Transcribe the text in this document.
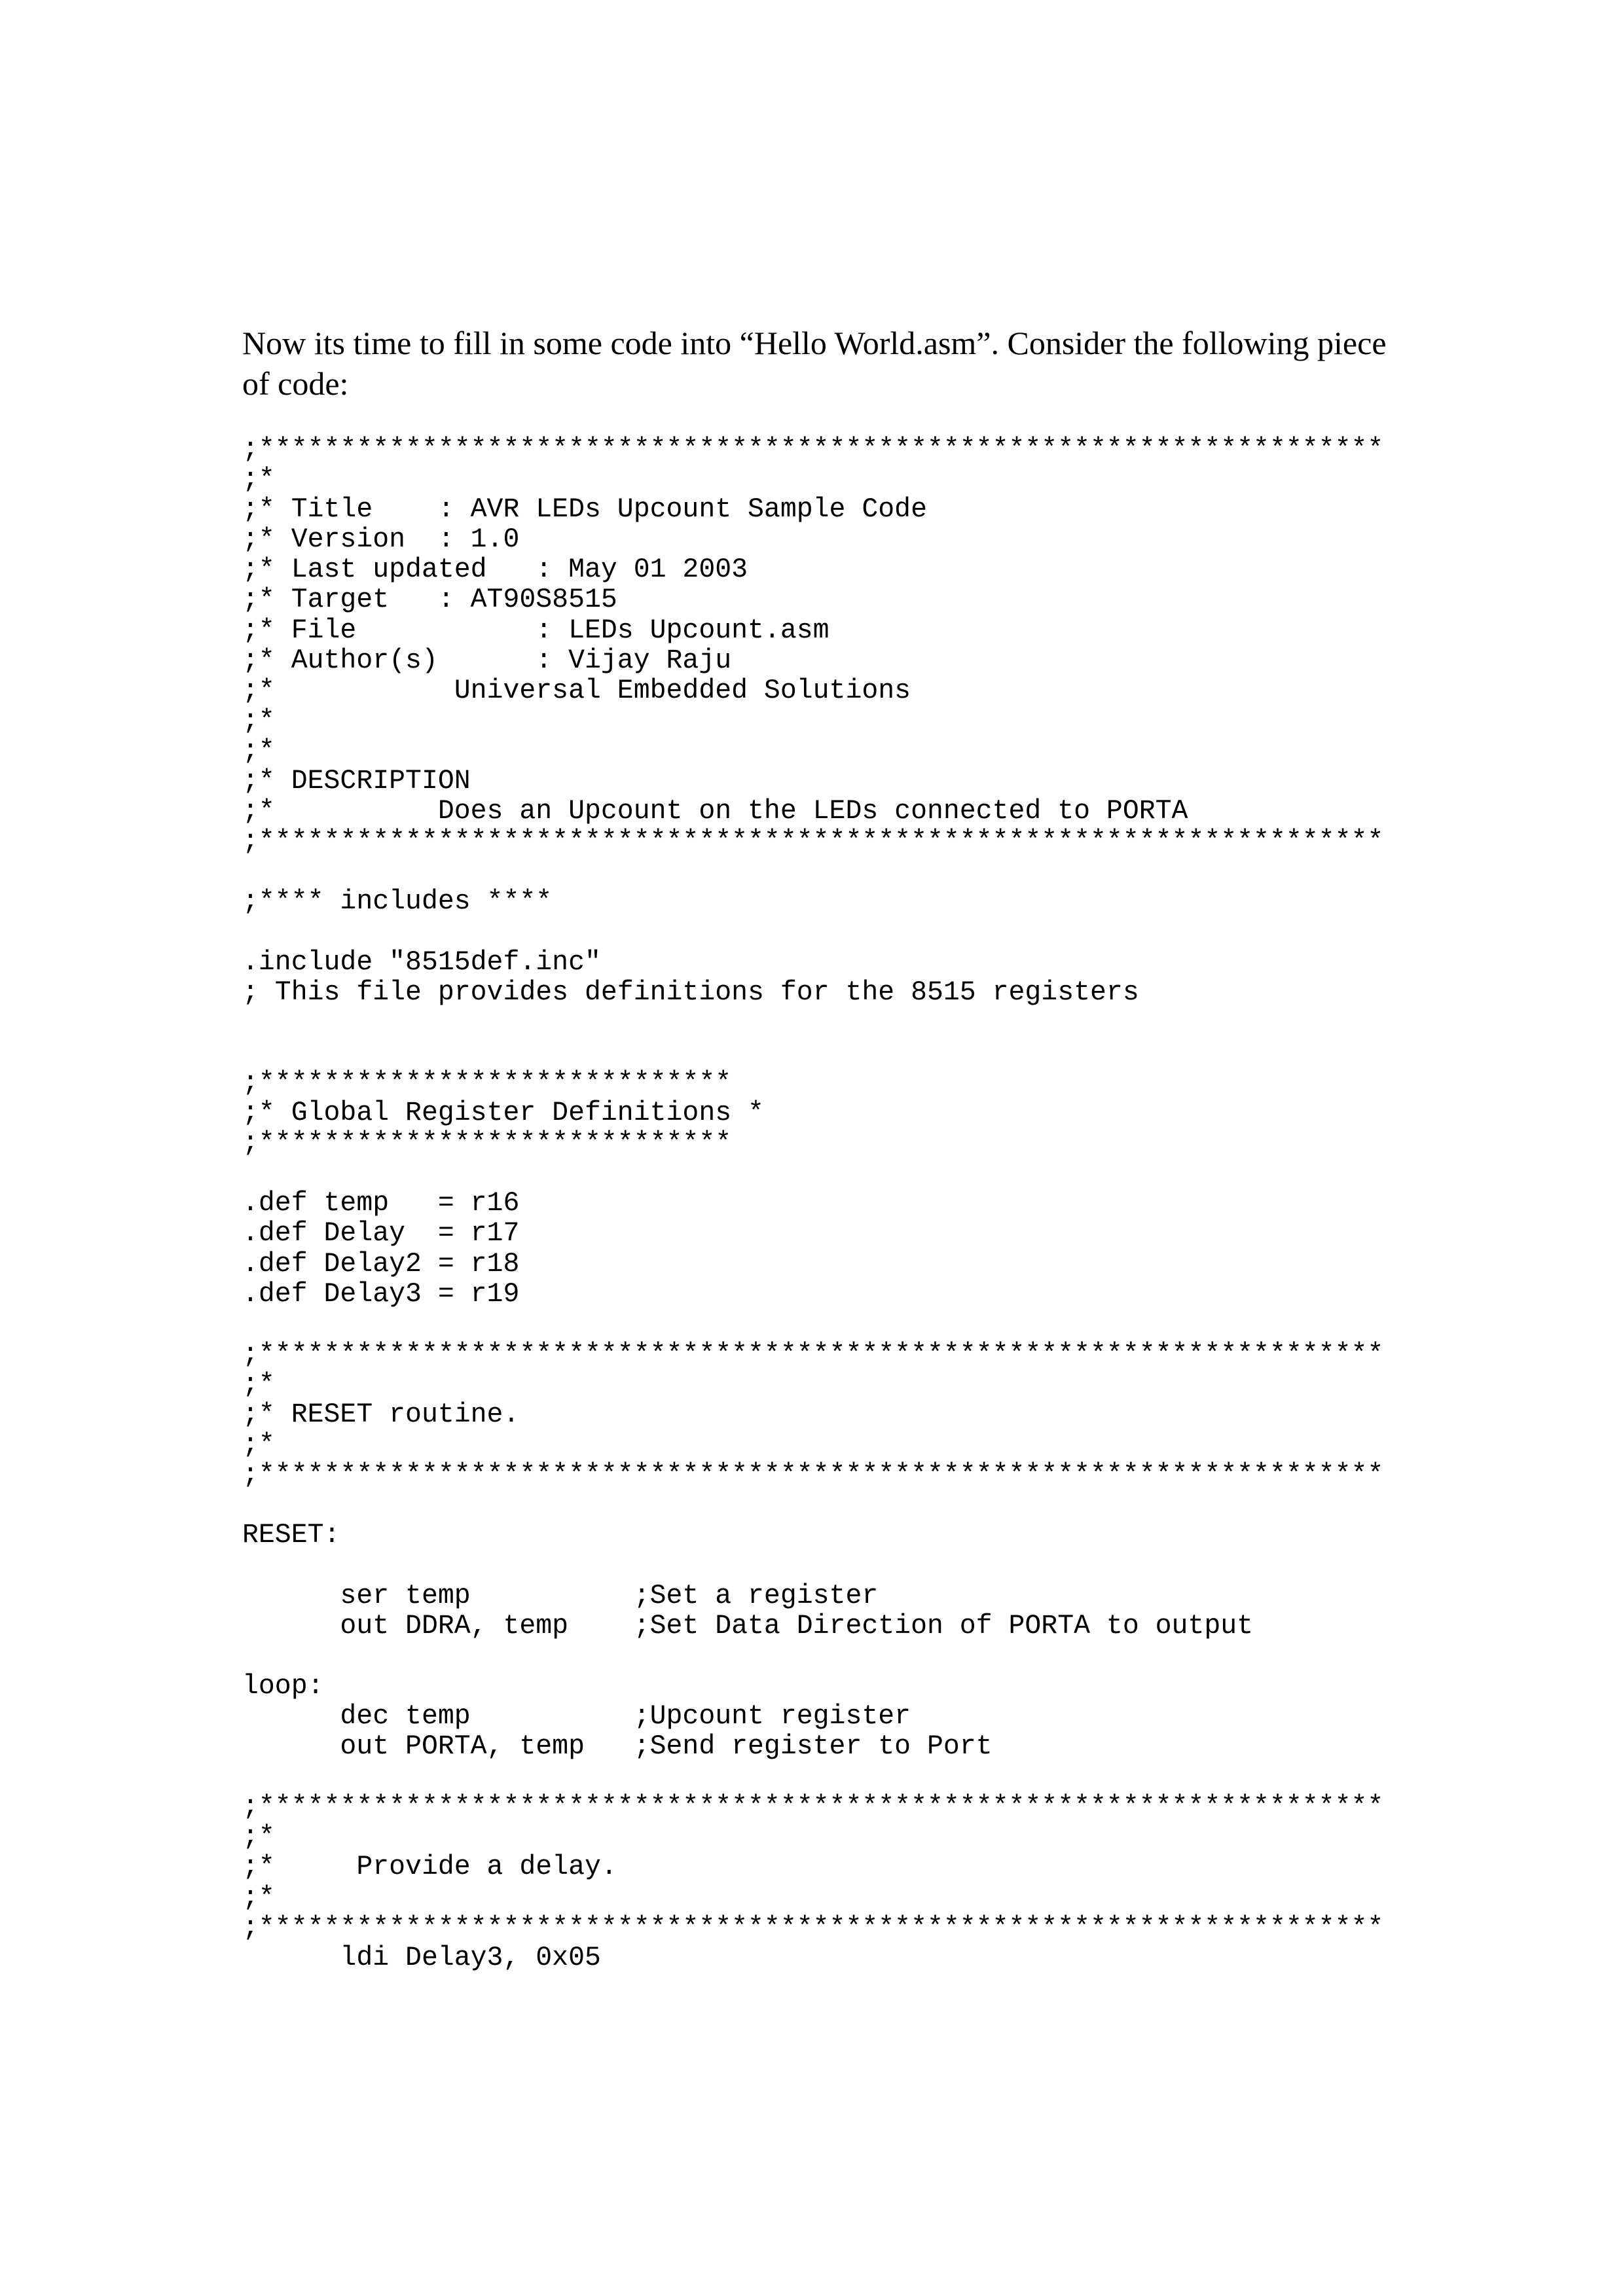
Now its time to fill in some code into “Hello World.asm”. Consider the following piece of code:

;*********************************************************************
;*
;* Title    : AVR LEDs Upcount Sample Code
;* Version  : 1.0
;* Last updated   : May 01 2003
;* Target   : AT90S8515
;* File           : LEDs Upcount.asm
;* Author(s)      : Vijay Raju
;*           Universal Embedded Solutions
;*
;*
;* DESCRIPTION
;*          Does an Upcount on the LEDs connected to PORTA
;*********************************************************************
;**** includes ****
.include "8515def.inc"
; This file provides definitions for the 8515 registers
;*****************************
;* Global Register Definitions *
;*****************************
.def temp   = r16
.def Delay  = r17
.def Delay2 = r18
.def Delay3 = r19
;*********************************************************************
;*
;* RESET routine.
;*
;*********************************************************************
RESET:
ser temp          ;Set a register
out DDRA, temp    ;Set Data Direction of PORTA to output
loop:
dec temp          ;Upcount register
out PORTA, temp   ;Send register to Port
;*********************************************************************
;*
;*     Provide a delay.
;*
;*********************************************************************
ldi Delay3, 0x05
